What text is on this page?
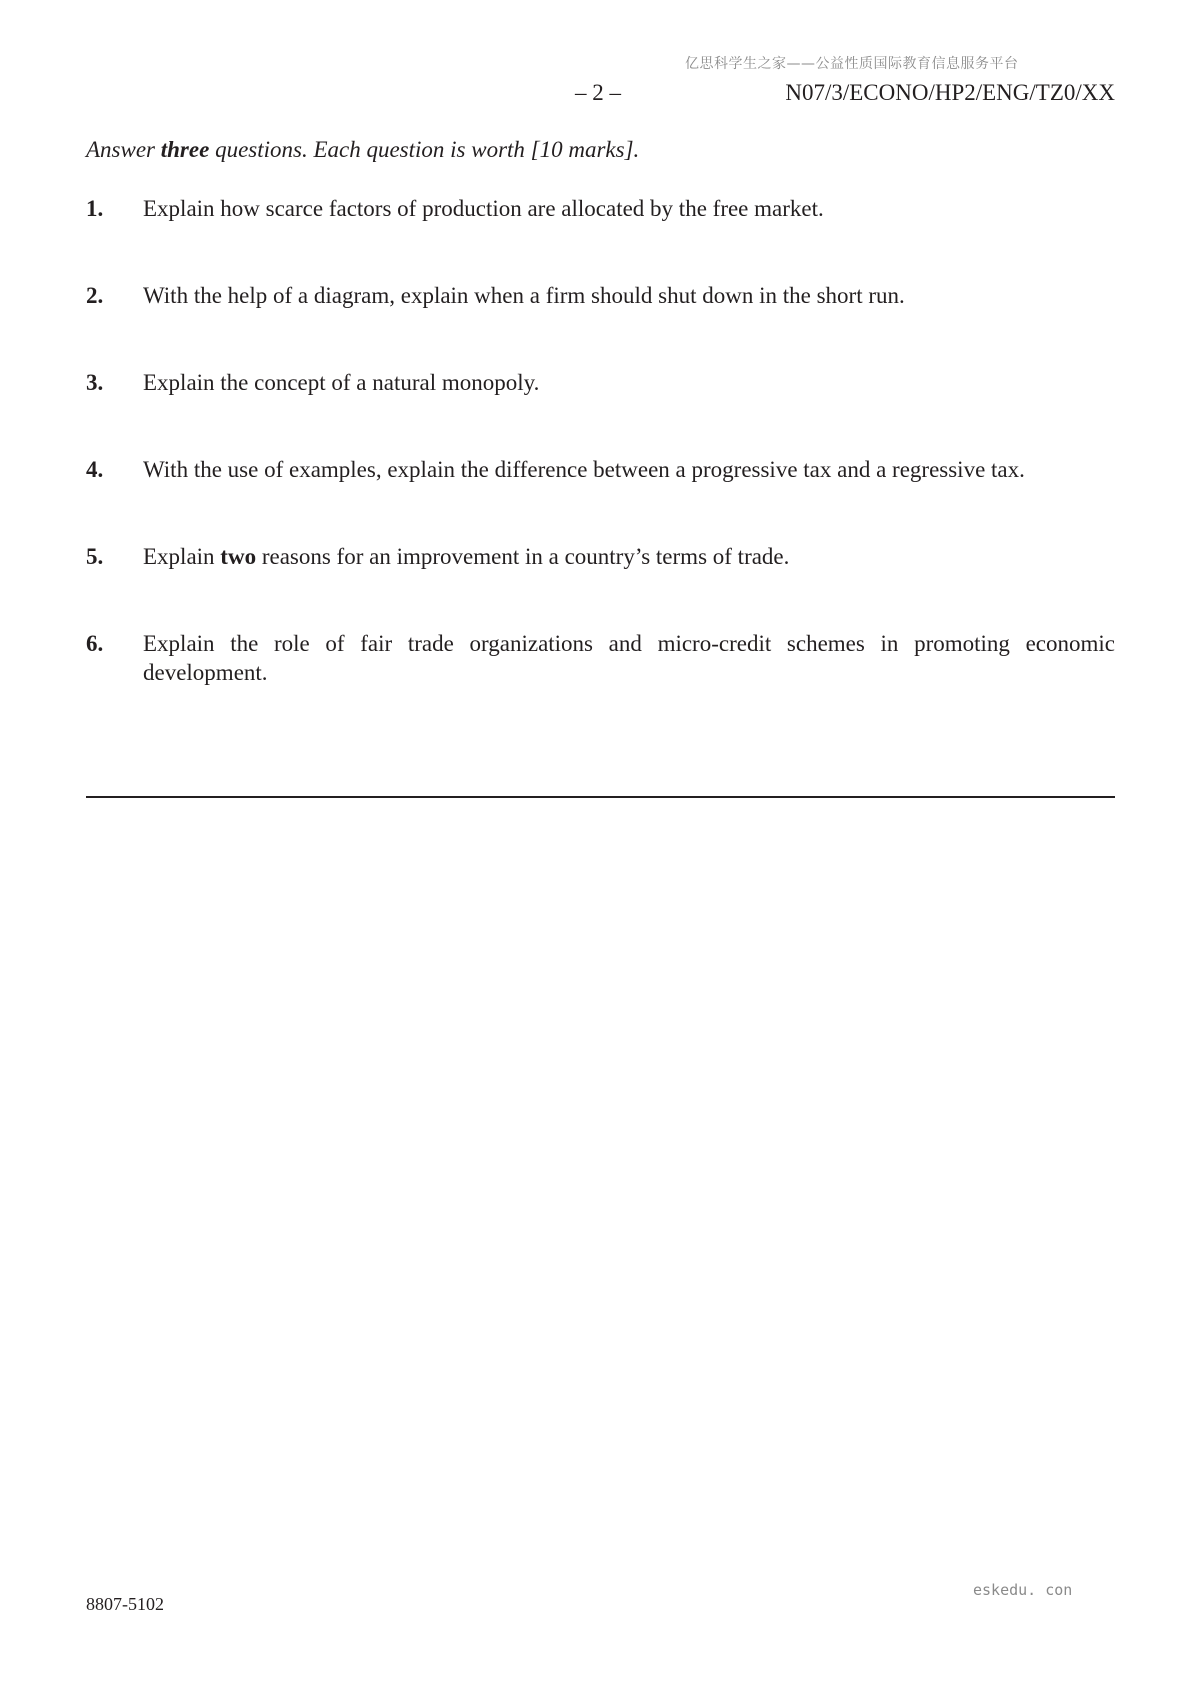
亿思科学生之家——公益性质国际教育信息服务平台
– 2 –	N07/3/ECONO/HP2/ENG/TZ0/XX
Answer three questions. Each question is worth [10 marks].
1. Explain how scarce factors of production are allocated by the free market.
2. With the help of a diagram, explain when a firm should shut down in the short run.
3. Explain the concept of a natural monopoly.
4. With the use of examples, explain the difference between a progressive tax and a regressive tax.
5. Explain two reasons for an improvement in a country’s terms of trade.
6. Explain the role of fair trade organizations and micro-credit schemes in promoting economic development.
8807-5102
eskedu. con
